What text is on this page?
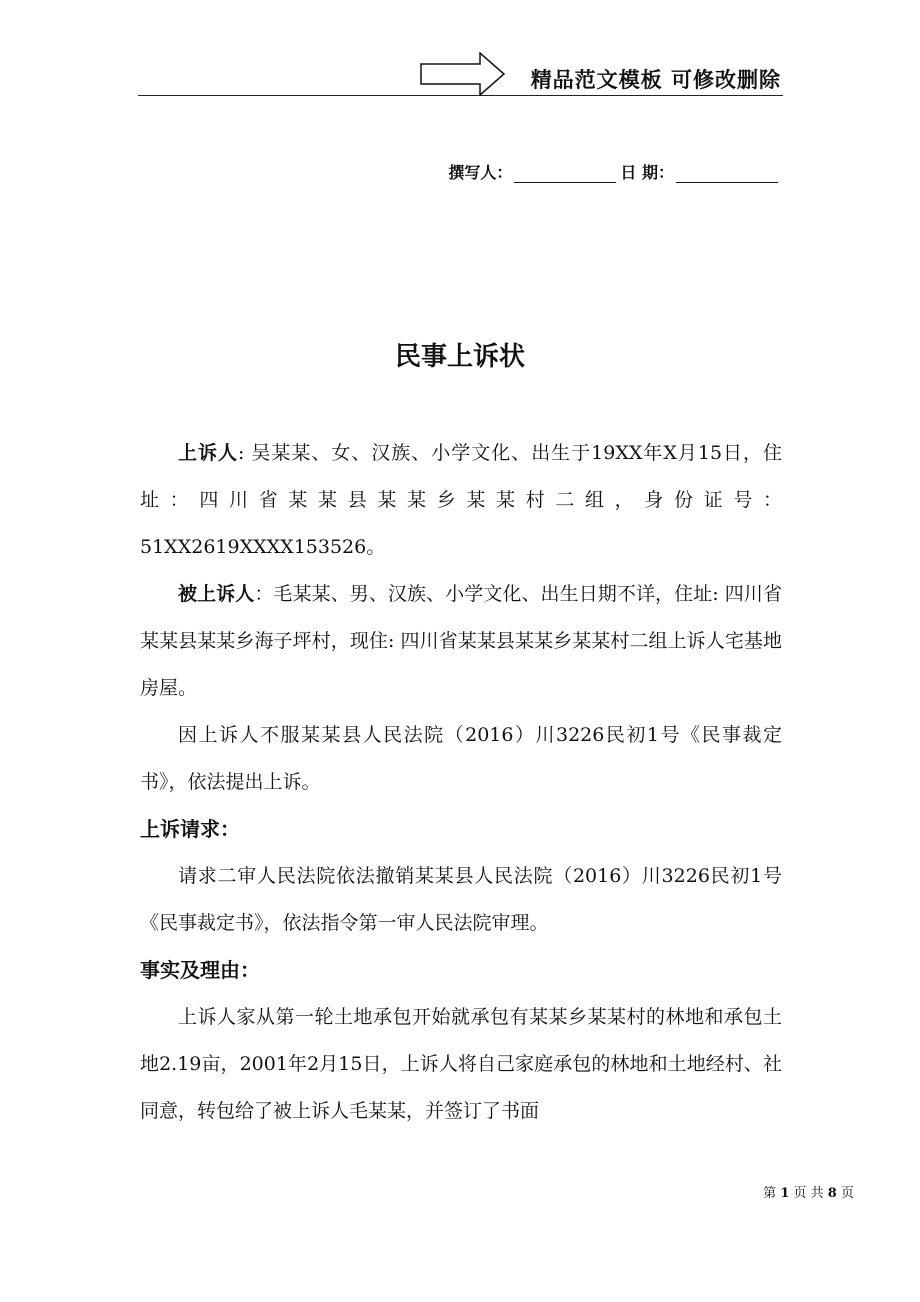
精品范文模板 可修改删除
撰写人：	日 期：
民事上诉状

上诉人: 吴某某、女、汉族、小学文化、出生于19XX年X月15日，住址：四川省某某县某某乡某某村二组，身份证号：51XX2619XXXX153526。

被上诉人：毛某某、男、汉族、小学文化、出生日期不详，住址: 四川省某某县某某乡海子坪村，现住: 四川省某某县某某乡某某村二组上诉人宅基地房屋。

因上诉人不服某某县人民法院（2016）川3226民初1号《民事裁定书》，依法提出上诉。

上诉请求：

请求二审人民法院依法撤销某某县人民法院（2016）川3226民初1号《民事裁定书》，依法指令第一审人民法院审理。

事实及理由：

上诉人家从第一轮土地承包开始就承包有某某乡某某村的林地和承包土地2.19亩，2001年2月15日，上诉人将自己家庭承包的林地和土地经村、社同意，转包给了被上诉人毛某某，并签订了书面

第 1 页 共 8 页
